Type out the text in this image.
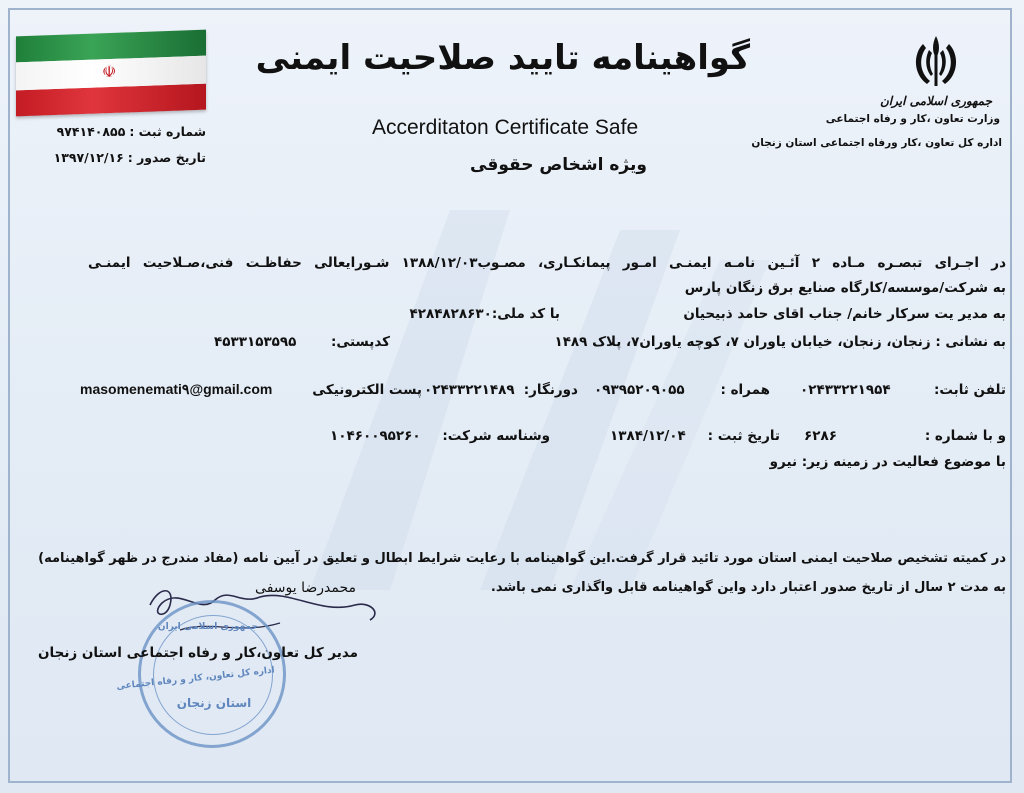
☫
جمهوری اسلامی ایران
وزارت تعاون ،کار و رفاه اجتماعی
اداره کل تعاون ،کار ورفاه اجتماعی استان زنجان
گواهینامه تایید صلاحیت ایمنی
Accerditaton Certificate Safe
ویژه اشخاص حقوقی
شماره ثبت : ۹۷۴۱۴۰۸۵۵
تاریخ صدور : ۱۳۹۷/۱۲/۱۶
در اجـرای تبصـره مـاده ۲ آئـین نامـه ایمنـی امـور پیمانکـاری، مصـوب۱۳۸۸/۱۲/۰۳ شـورایعالی حفاظـت فنی،صـلاحیت ایمنـی
به شرکت/موسسه/کارگاه صنایع برق زنگان پارس
به مدیر یت سرکار خانم/ جناب اقای حامد ذبیحیان
با کد ملی:۴۲۸۴۸۲۸۶۳۰
به نشانی : زنجان، زنجان، خیابان یاوران ۷، کوچه یاوران۷، پلاک ۱۴۸۹
کدپستی:
۴۵۳۳۱۵۳۵۹۵
تلفن ثابت:
۰۲۴۳۳۲۲۱۹۵۴
همراه :
۰۹۳۹۵۲۰۹۰۵۵
دورنگار:
۰۲۴۳۳۲۲۱۴۸۹
پست الکترونیکی
masomenemati۹@gmail.com
و با شماره :
۶۲۸۶
تاریخ ثبت :
۱۳۸۴/۱۲/۰۴
وشناسه شرکت:
۱۰۴۶۰۰۹۵۲۶۰
با موضوع فعالیت در زمینه زیر: نیرو
در کمیته تشخیص صلاحیت ایمنی استان مورد تائید قرار گرفت.این گواهینامه با رعایت شرایط ابطال و تعلیق در آیین نامه (مفاد مندرج در ظهر گواهینامه)
به مدت ۲ سال از تاریخ صدور اعتبار دارد واین گواهینامه قابل واگذاری نمی باشد.
محمدرضا یوسفی
جمهوری اسلامی ایران
اداره کل تعاون، کار و رفاه اجتماعی
استان زنجان
مدیر کل تعاون،کار و رفاه اجتماعی استان زنجان
